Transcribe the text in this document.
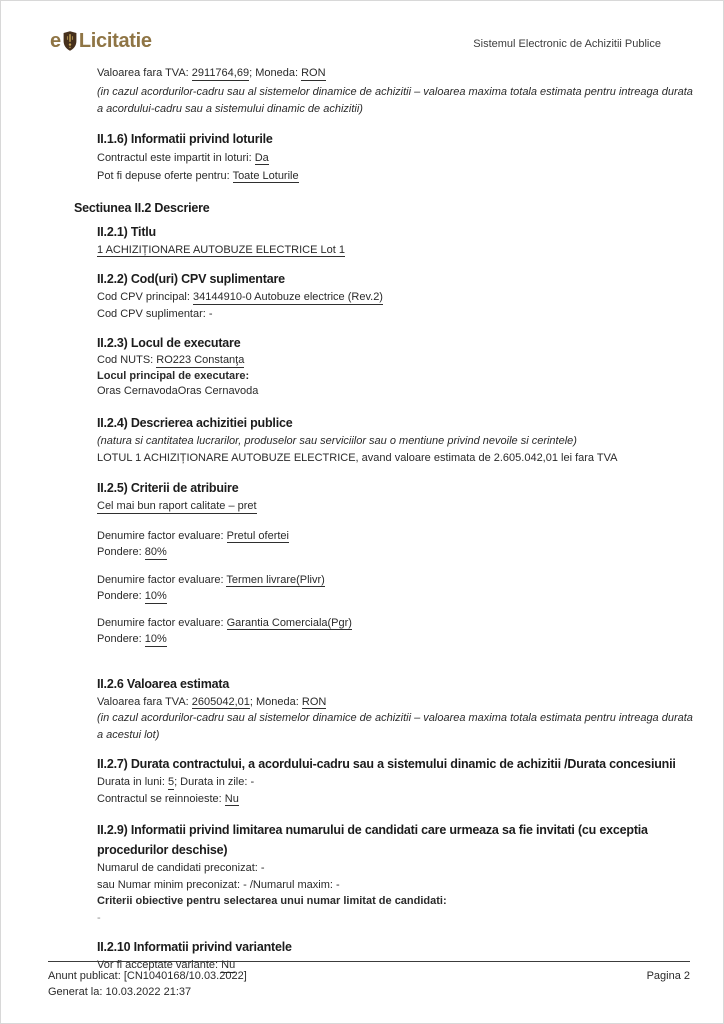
e Licitatie	Sistemul Electronic de Achizitii Publice

Valoarea fara TVA: 2911764,69; Moneda: RON

(in cazul acordurilor-cadru sau al sistemelor dinamice de achizitii – valoarea maxima totala estimata pentru intreaga durata a acordului-cadru sau a sistemului dinamic de achizitii)

II.1.6) Informatii privind loturile

Contractul este impartit in loturi: Da

Pot fi depuse oferte pentru: Toate Loturile

Sectiunea II.2 Descriere
II.2.1) Titlu

1 ACHIZIȚIONARE AUTOBUZE ELECTRICE Lot 1

II.2.2) Cod(uri) CPV suplimentare

Cod CPV principal: 34144910-0 Autobuze electrice (Rev.2)

Cod CPV suplimentar: -

II.2.3) Locul de executare

Cod NUTS: RO223 Constanţa

Locul principal de executare:

Oras CernavodaOras Cernavoda

II.2.4) Descrierea achizitiei publice

(natura si cantitatea lucrarilor, produselor sau serviciilor sau o mentiune privind nevoile si cerintele)

LOTUL 1 ACHIZIȚIONARE AUTOBUZE ELECTRICE, avand valoare estimata de 2.605.042,01 lei fara TVA

II.2.5) Criterii de atribuire

Cel mai bun raport calitate – pret

Denumire factor evaluare: Pretul ofertei

Pondere: 80%

Denumire factor evaluare: Termen livrare(Plivr)

Pondere: 10%

Denumire factor evaluare: Garantia Comerciala(Pgr)

Pondere: 10%

II.2.6 Valoarea estimata

Valoarea fara TVA: 2605042,01; Moneda: RON

(in cazul acordurilor-cadru sau al sistemelor dinamice de achizitii – valoarea maxima totala estimata pentru intreaga durata a acestui lot)

II.2.7) Durata contractului, a acordului-cadru sau a sistemului dinamic de achizitii /Durata concesiunii

Durata in luni: 5; Durata in zile: -

Contractul se reinnoieste: Nu

II.2.9) Informatii privind limitarea numarului de candidati care urmeaza sa fie invitati (cu exceptia procedurilor deschise)

Numarul de candidati preconizat: -

sau Numar minim preconizat: - /Numarul maxim: -

Criterii obiective pentru selectarea unui numar limitat de candidati:

-

II.2.10 Informatii privind variantele

Vor fi acceptate variante: Nu

Anunt publicat: [CN1040168/10.03.2022]	Pagina 2
Generat la: 10.03.2022 21:37
